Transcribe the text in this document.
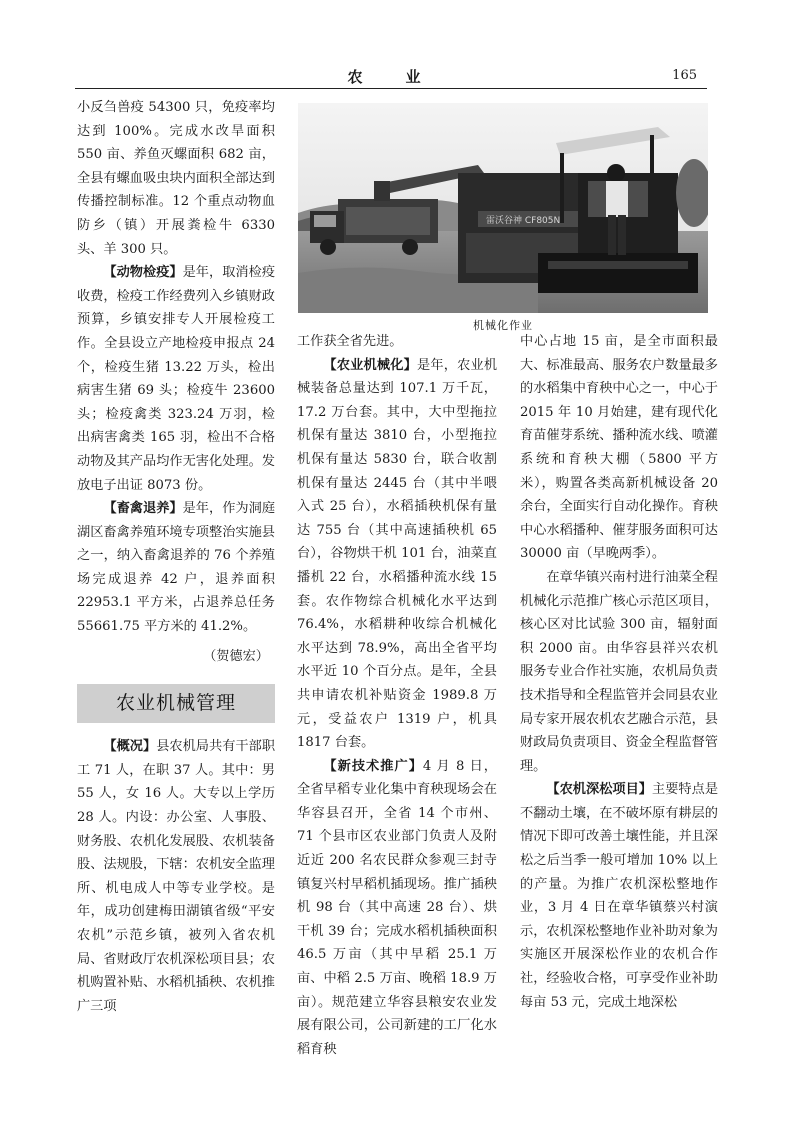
农　业	165

小反刍兽疫 54300 只，免疫率均达到 100%。完成水改旱面积 550 亩、养鱼灭螺面积 682 亩，全县有螺血吸虫块内面积全部达到传播控制标准。12 个重点动物血防乡（镇）开展粪检牛 6330 头、羊 300 只。

【动物检疫】是年，取消检疫收费，检疫工作经费列入乡镇财政预算，乡镇安排专人开展检疫工作。全县设立产地检疫申报点 24 个，检疫生猪 13.22 万头，检出病害生猪 69 头；检疫牛 23600 头；检疫禽类 323.24 万羽，检出病害禽类 165 羽，检出不合格动物及其产品均作无害化处理。发放电子出证 8073 份。

【畜禽退养】是年，作为洞庭湖区畜禽养殖环境专项整治实施县之一，纳入畜禽退养的 76 个养殖场完成退养 42 户，退养面积 22953.1 平方米，占退养总任务 55661.75 平方米的 41.2%。

（贺德宏）
农业机械管理

【概况】县农机局共有干部职工 71 人，在职 37 人。其中：男 55 人，女 16 人。大专以上学历 28 人。内设：办公室、人事股、财务股、农机化发展股、农机装备股、法规股，下辖：农机安全监理所、机电成人中等专业学校。是年，成功创建梅田湖镇省级“平安农机”示范乡镇，被列入省农机局、省财政厅农机深松项目县；农机购置补贴、水稻机插秧、农机推广三项

雷沃谷神 CF805N
机械化作业

工作获全省先进。

【农业机械化】是年，农业机械装备总量达到 107.1 万千瓦，17.2 万台套。其中，大中型拖拉机保有量达 3810 台，小型拖拉机保有量达 5830 台，联合收割机保有量达 2445 台（其中半喂入式 25 台），水稻插秧机保有量达 755 台（其中高速插秧机 65 台），谷物烘干机 101 台，油菜直播机 22 台，水稻播种流水线 15 套。农作物综合机械化水平达到 76.4%，水稻耕种收综合机械化水平达到 78.9%，高出全省平均水平近 10 个百分点。是年，全县共申请农机补贴资金 1989.8 万元，受益农户 1319 户，机具 1817 台套。

【新技术推广】4 月 8 日，全省早稻专业化集中育秧现场会在华容县召开，全省 14 个市州、71 个县市区农业部门负责人及附近近 200 名农民群众参观三封寺镇复兴村早稻机插现场。推广插秧机 98 台（其中高速 28 台）、烘干机 39 台；完成水稻机插秧面积 46.5 万亩（其中早稻 25.1 万亩、中稻 2.5 万亩、晚稻 18.9 万亩）。规范建立华容县粮安农业发展有限公司，公司新建的工厂化水稻育秧

中心占地 15 亩，是全市面积最大、标准最高、服务农户数量最多的水稻集中育秧中心之一，中心于 2015 年 10 月始建，建有现代化育苗催芽系统、播种流水线、喷灌系统和育秧大棚（5800 平方米），购置各类高新机械设备 20 余台，全面实行自动化操作。育秧中心水稻播种、催芽服务面积可达 30000 亩（早晚两季）。

在章华镇兴南村进行油菜全程机械化示范推广核心示范区项目，核心区对比试验 300 亩，辐射面积 2000 亩。由华容县祥兴农机服务专业合作社实施，农机局负责技术指导和全程监管并会同县农业局专家开展农机农艺融合示范，县财政局负责项目、资金全程监督管理。

【农机深松项目】主要特点是不翻动土壤，在不破坏原有耕层的情况下即可改善土壤性能，并且深松之后当季一般可增加 10% 以上的产量。为推广农机深松整地作业，3 月 4 日在章华镇蔡兴村演示，农机深松整地作业补助对象为实施区开展深松作业的农机合作社，经验收合格，可享受作业补助每亩 53 元，完成土地深松
